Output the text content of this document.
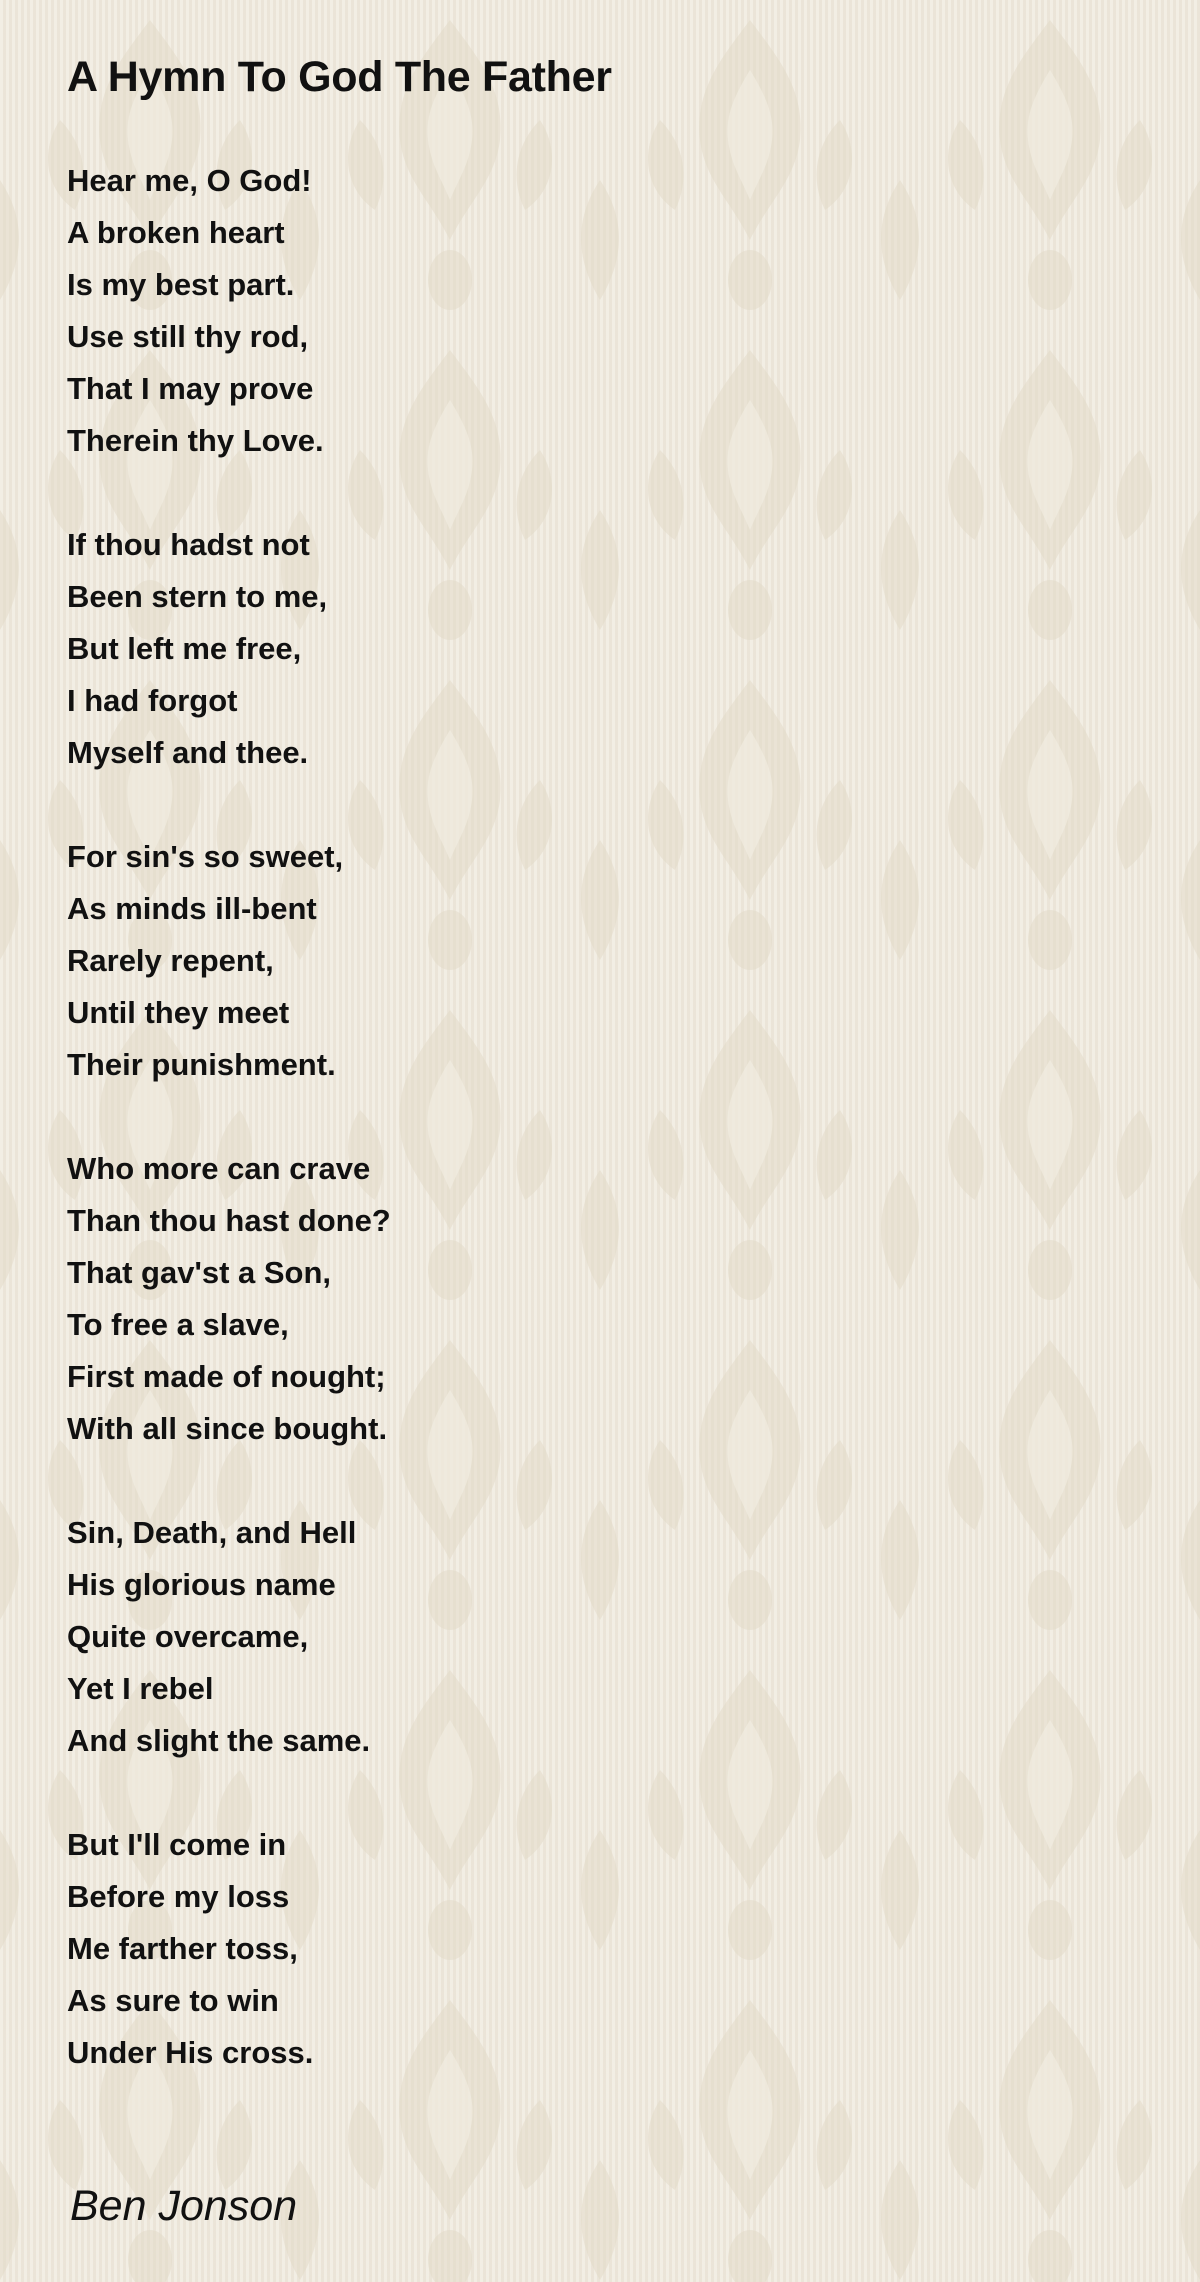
A Hymn To God The Father
Hear me, O God!
A broken heart
Is my best part.
Use still thy rod,
That I may prove
Therein thy Love.
If thou hadst not
Been stern to me,
But left me free,
I had forgot
Myself and thee.
For sin's so sweet,
As minds ill-bent
Rarely repent,
Until they meet
Their punishment.
Who more can crave
Than thou hast done?
That gav'st a Son,
To free a slave,
First made of nought;
With all since bought.
Sin, Death, and Hell
His glorious name
Quite overcame,
Yet I rebel
And slight the same.
But I'll come in
Before my loss
Me farther toss,
As sure to win
Under His cross.

Ben Jonson
